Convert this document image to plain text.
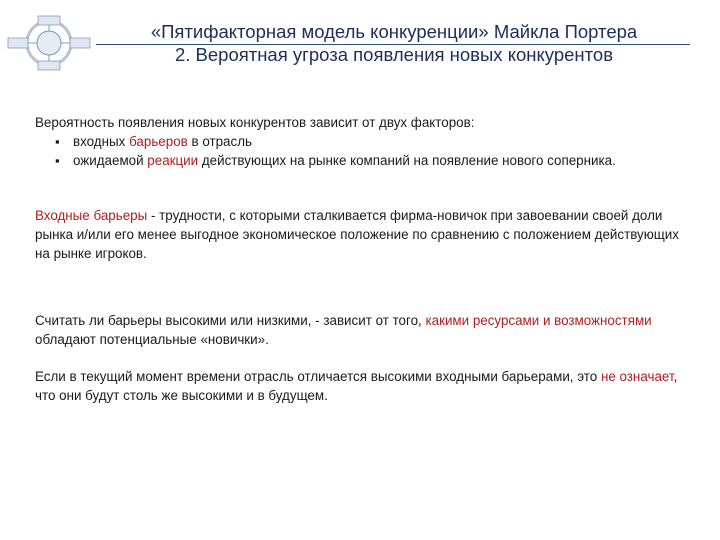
«Пятифакторная модель конкуренции» Майкла Портера
2. Вероятная угроза появления новых конкурентов

Вероятность появления новых конкурентов зависит от двух факторов:

▪ входных барьеров в отрасль
▪ ожидаемой реакции действующих на рынке компаний на появление нового соперника.

Входные барьеры - трудности, с которыми сталкивается фирма-новичок при завоевании своей доли рынка и/или его менее выгодное экономическое положение по сравнению с положением действующих на рынке игроков.

Считать ли барьеры высокими или низкими, - зависит от того, какими ресурсами и возможностями обладают потенциальные «новички».

Если в текущий момент времени отрасль отличается высокими входными барьерами, это не означает, что они будут столь же высокими и в будущем.
